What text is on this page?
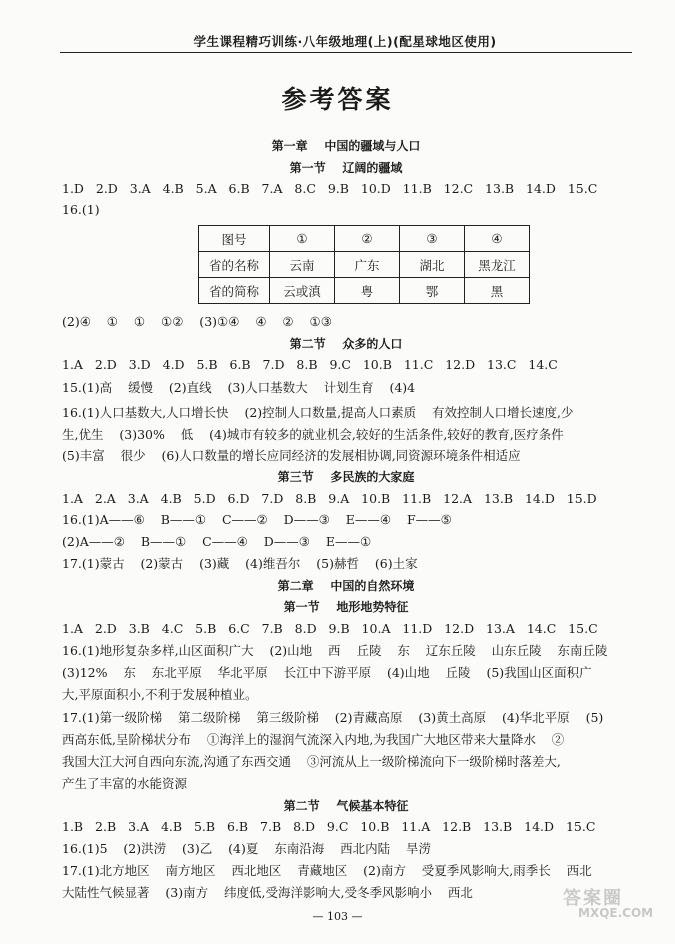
学生课程精巧训练·八年级地理(上)(配星球地区使用)
参考答案
第一章    中国的疆域与人口
第一节    辽阔的疆域
1.D   2.D   3.A   4.B   5.A   6.B   7.A   8.C   9.B   10.D   11.B   12.C   13.B   14.D   15.C
16.(1)
图号	①	②	③	④
省的名称	云南	广东	湖北	黑龙江
省的简称	云或滇	粤	鄂	黑
(2)④    ①    ①    ①②    (3)①④    ④    ②    ①③
第二节    众多的人口
1.A   2.D   3.D   4.D   5.B   6.B   7.D   8.B   9.C   10.B   11.C   12.D   13.C   14.C
15.(1)高    缓慢    (2)直线    (3)人口基数大    计划生育    (4)4
16.(1)人口基数大,人口增长快    (2)控制人口数量,提高人口素质    有效控制人口增长速度,少
生,优生    (3)30%    低    (4)城市有较多的就业机会,较好的生活条件,较好的教育,医疗条件
(5)丰富    很少    (6)人口数量的增长应同经济的发展相协调,同资源环境条件相适应
第三节    多民族的大家庭
1.A   2.A   3.A   4.B   5.D   6.D   7.D   8.B   9.A   10.B   11.B   12.A   13.B   14.D   15.D
16.(1)A——⑥    B——①    C——②    D——③    E——④    F——⑤
(2)A——②    B——①    C——④    D——③    E——①
17.(1)蒙古    (2)蒙古    (3)藏    (4)维吾尔    (5)赫哲    (6)土家
第二章    中国的自然环境
第一节    地形地势特征
1.A   2.D   3.B   4.C   5.B   6.C   7.B   8.D   9.B   10.A   11.D   12.D   13.A   14.C   15.C
16.(1)地形复杂多样,山区面积广大    (2)山地    西    丘陵    东    辽东丘陵    山东丘陵    东南丘陵
(3)12%    东    东北平原    华北平原    长江中下游平原    (4)山地    丘陵    (5)我国山区面积广
大,平原面积小,不利于发展种植业。
17.(1)第一级阶梯    第二级阶梯    第三级阶梯    (2)青藏高原    (3)黄土高原    (4)华北平原    (5)
西高东低,呈阶梯状分布    ①海洋上的湿润气流深入内地,为我国广大地区带来大量降水    ②
我国大江大河自西向东流,沟通了东西交通    ③河流从上一级阶梯流向下一级阶梯时落差大,
产生了丰富的水能资源
第二节    气候基本特征
1.B   2.B   3.A   4.B   5.B   6.B   7.B   8.D   9.C   10.B   11.A   12.B   13.B   14.D   15.C
16.(1)5    (2)洪涝    (3)乙    (4)夏    东南沿海    西北内陆    旱涝
17.(1)北方地区    南方地区    西北地区    青藏地区    (2)南方    受夏季风影响大,雨季长    西北
大陆性气候显著    (3)南方    纬度低,受海洋影响大,受冬季风影响小    西北
— 103 —
答案圈
MXQE.COM
